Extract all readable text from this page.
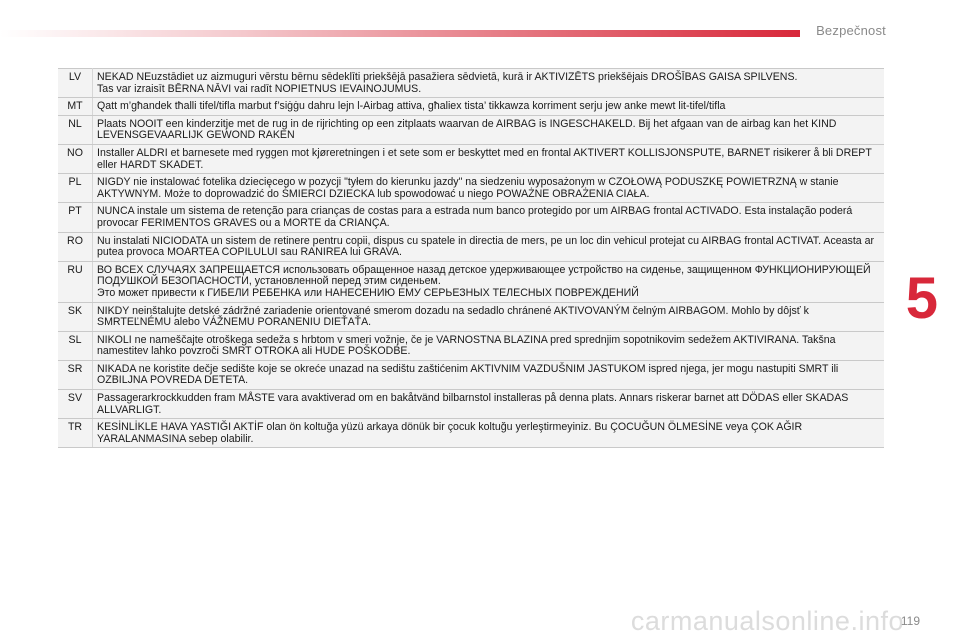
Bezpečnost
LV	NEKAD NEuzstādiet uz aizmuguri vērstu bērnu sēdeklīti priekšējā pasažiera sēdvietā, kurā ir AKTIVIZĒTS priekšējais DROŠĪBAS GAISA SPILVENS.
Tas var izraisīt BĒRNA NĀVI vai radīt NOPIETNUS IEVAINOJUMUS.
MT	Qatt m’għandek tħalli tifel/tifla marbut f’siġġu dahru lejn l-Airbag attiva, għaliex tista’ tikkawza korriment serju jew anke mewt lit-tifel/tifla
NL	Plaats NOOIT een kinderzitje met de rug in de rijrichting op een zitplaats waarvan de AIRBAG is INGESCHAKELD. Bij het afgaan van de airbag kan het KIND LEVENSGEVAARLIJK GEWOND RAKEN
NO	Installer ALDRI et barnesete med ryggen mot kjøreretningen i et sete som er beskyttet med en frontal AKTIVERT KOLLISJONSPUTE, BARNET risikerer å bli DREPT eller HARDT SKADET.
PL	NIGDY nie instalować fotelika dziecięcego w pozycji "tyłem do kierunku jazdy" na siedzeniu wyposażonym w CZOŁOWĄ PODUSZKĘ POWIETRZNĄ w stanie AKTYWNYM. Może to doprowadzić do ŚMIERCI DZIECKA lub spowodować u niego POWAŻNE OBRAŻENIA CIAŁA.
PT	NUNCA instale um sistema de retenção para crianças de costas para a estrada num banco protegido por um AIRBAG frontal ACTIVADO. Esta instalação poderá provocar FERIMENTOS GRAVES ou a MORTE da CRIANÇA.
RO	Nu instalati NICIODATA un sistem de retinere pentru copii, dispus cu spatele in directia de mers, pe un loc din vehicul protejat cu AIRBAG frontal ACTIVAT. Aceasta ar putea provoca MOARTEA COPILULUI sau RANIREA lui GRAVA.
RU	ВО ВСЕХ СЛУЧАЯХ ЗАПРЕЩАЕТСЯ использовать обращенное назад детское удерживающее устройство на сиденье, защищенном ФУНКЦИОНИРУЮЩЕЙ ПОДУШКОЙ БЕЗОПАСНОСТИ, установленной перед этим сиденьем.
Это может привести к ГИБЕЛИ РЕБЕНКА или НАНЕСЕНИЮ ЕМУ СЕРЬЕЗНЫХ ТЕЛЕСНЫХ ПОВРЕЖДЕНИЙ
SK	NIKDY neinštalujte detské zádržné zariadenie orientované smerom dozadu na sedadlo chránené AKTIVOVANÝM čelným AIRBAGOM. Mohlo by dôjsť k SMRTEĽNÉMU alebo VÁŽNEMU PORANENIU DIEŤAŤA.
SL	NIKOLI ne nameščajte otroškega sedeža s hrbtom v smeri vožnje, če je VARNOSTNA BLAZINA pred sprednjim sopotnikovim sedežem AKTIVIRANA. Takšna namestitev lahko povzroči SMRT OTROKA ali HUDE POŠKODBE.
SR	NIKADA ne koristite dečje sedište koje se okreće unazad na sedištu zaštićenim AKTIVNIM VAZDUŠNIM JASTUKOM ispred njega, jer mogu nastupiti SMRT ili OZBILJNA POVREDA DETETA.
SV	Passagerarkrockkudden fram MÅSTE vara avaktiverad om en bakåtvänd bilbarnstol installeras på denna plats. Annars riskerar barnet att DÖDAS eller SKADAS ALLVARLIGT.
TR	KESİNLİKLE HAVA YASTIĞI AKTİF olan ön koltuğa yüzü arkaya dönük bir çocuk koltuğu yerleştirmeyiniz. Bu ÇOCUĞUN ÖLMESİNE veya ÇOK AĞIR YARALANMASINA sebep olabilir.
5
carmanualsonline.info
119
